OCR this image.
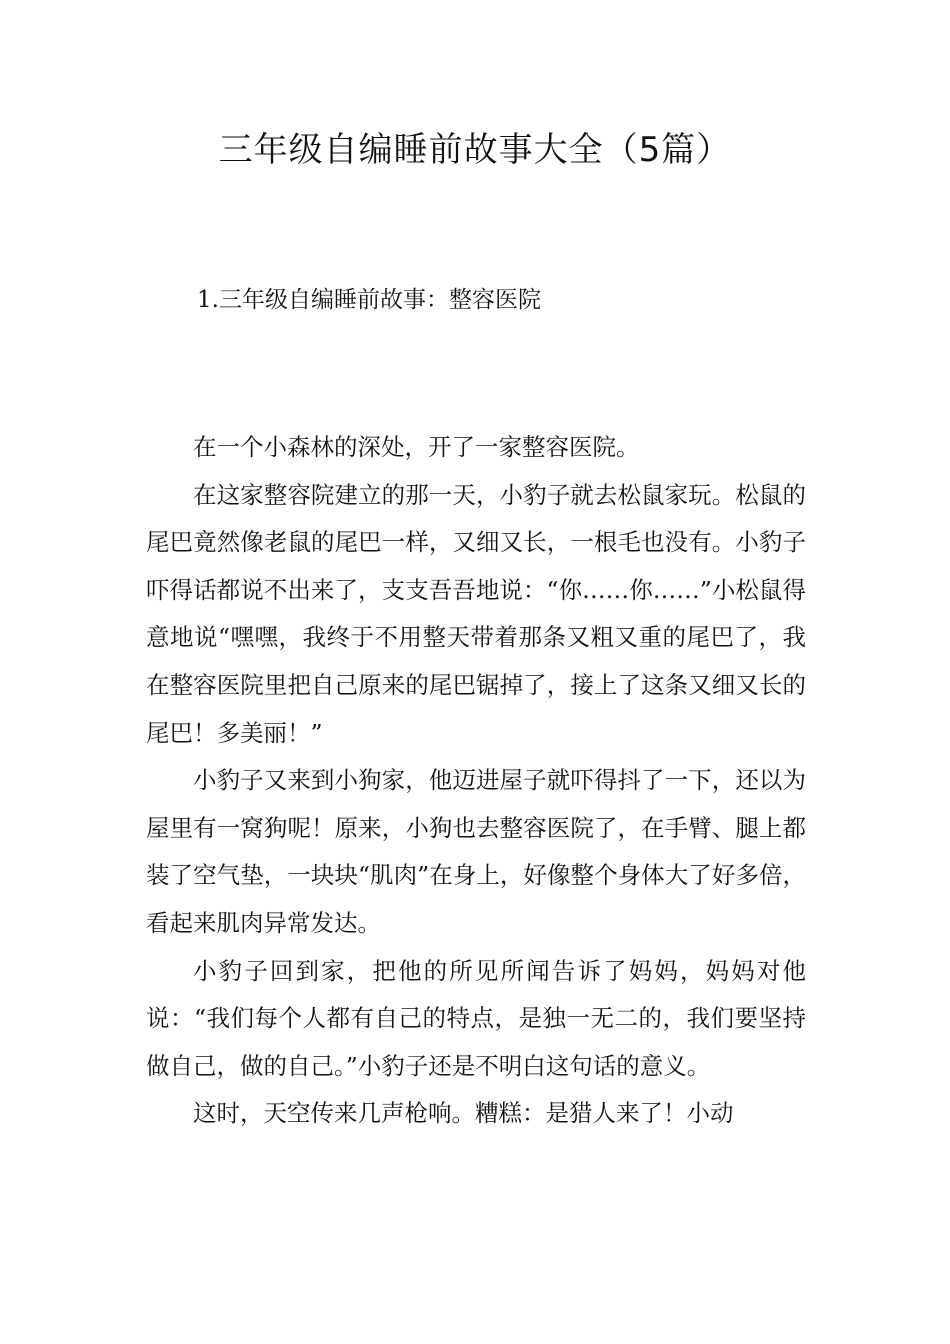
三年级自编睡前故事大全（5篇）
1.三年级自编睡前故事：整容医院

在一个小森林的深处，开了一家整容医院。

在这家整容院建立的那一天，小豹子就去松鼠家玩。松鼠的尾巴竟然像老鼠的尾巴一样，又细又长，一根毛也没有。小豹子吓得话都说不出来了，支支吾吾地说：“你……你……”小松鼠得意地说“嘿嘿，我终于不用整天带着那条又粗又重的尾巴了，我在整容医院里把自己原来的尾巴锯掉了，接上了这条又细又长的尾巴！多美丽！”

小豹子又来到小狗家，他迈进屋子就吓得抖了一下，还以为屋里有一窝狗呢！原来，小狗也去整容医院了，在手臂、腿上都装了空气垫，一块块“肌肉”在身上，好像整个身体大了好多倍，看起来肌肉异常发达。

小豹子回到家，把他的所见所闻告诉了妈妈，妈妈对他说：“我们每个人都有自己的特点，是独一无二的，我们要坚持做自己，做的自己。”小豹子还是不明白这句话的意义。

这时，天空传来几声枪响。糟糕：是猎人来了！小动
